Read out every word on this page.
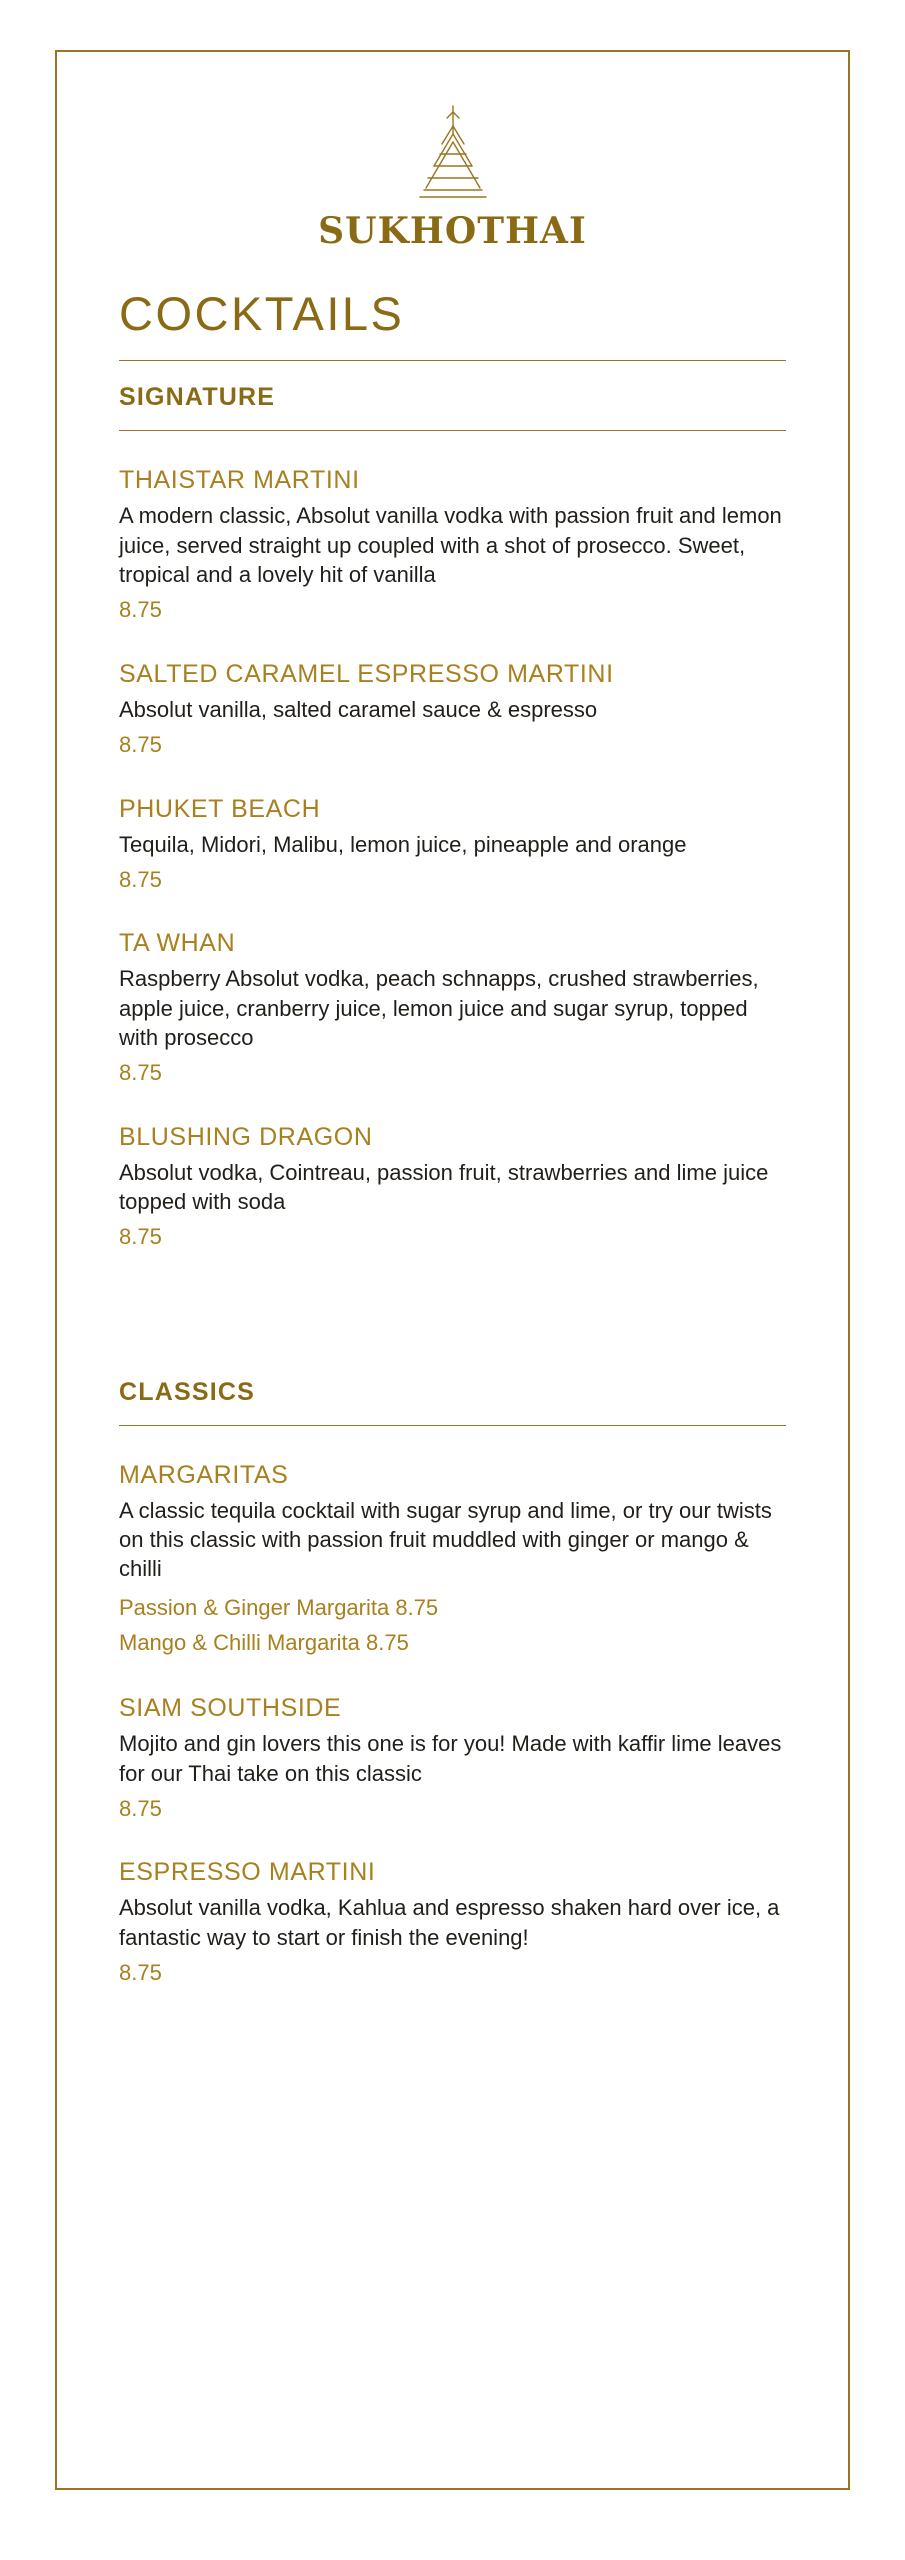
SUKHOTHAI
COCKTAILS
SIGNATURE
THAISTAR MARTINI
A modern classic, Absolut vanilla vodka with passion fruit and lemon juice, served straight up coupled with a shot of prosecco. Sweet, tropical and a lovely hit of vanilla
8.75
SALTED CARAMEL ESPRESSO MARTINI
Absolut vanilla, salted caramel sauce & espresso
8.75
PHUKET BEACH
Tequila, Midori, Malibu, lemon juice, pineapple and orange
8.75
TA WHAN
Raspberry Absolut vodka, peach schnapps, crushed strawberries, apple juice, cranberry juice, lemon juice and sugar syrup, topped with prosecco
8.75
BLUSHING DRAGON
Absolut vodka, Cointreau, passion fruit, strawberries and lime juice topped with soda
8.75
CLASSICS
MARGARITAS
A classic tequila cocktail with sugar syrup and lime, or try our twists on this classic with passion fruit muddled with ginger or mango & chilli
Passion & Ginger Margarita 8.75
Mango & Chilli Margarita 8.75
SIAM SOUTHSIDE
Mojito and gin lovers this one is for you! Made with kaffir lime leaves for our Thai take on this classic
8.75
ESPRESSO MARTINI
Absolut vanilla vodka, Kahlua and espresso shaken hard over ice, a fantastic way to start or finish the evening!
8.75
